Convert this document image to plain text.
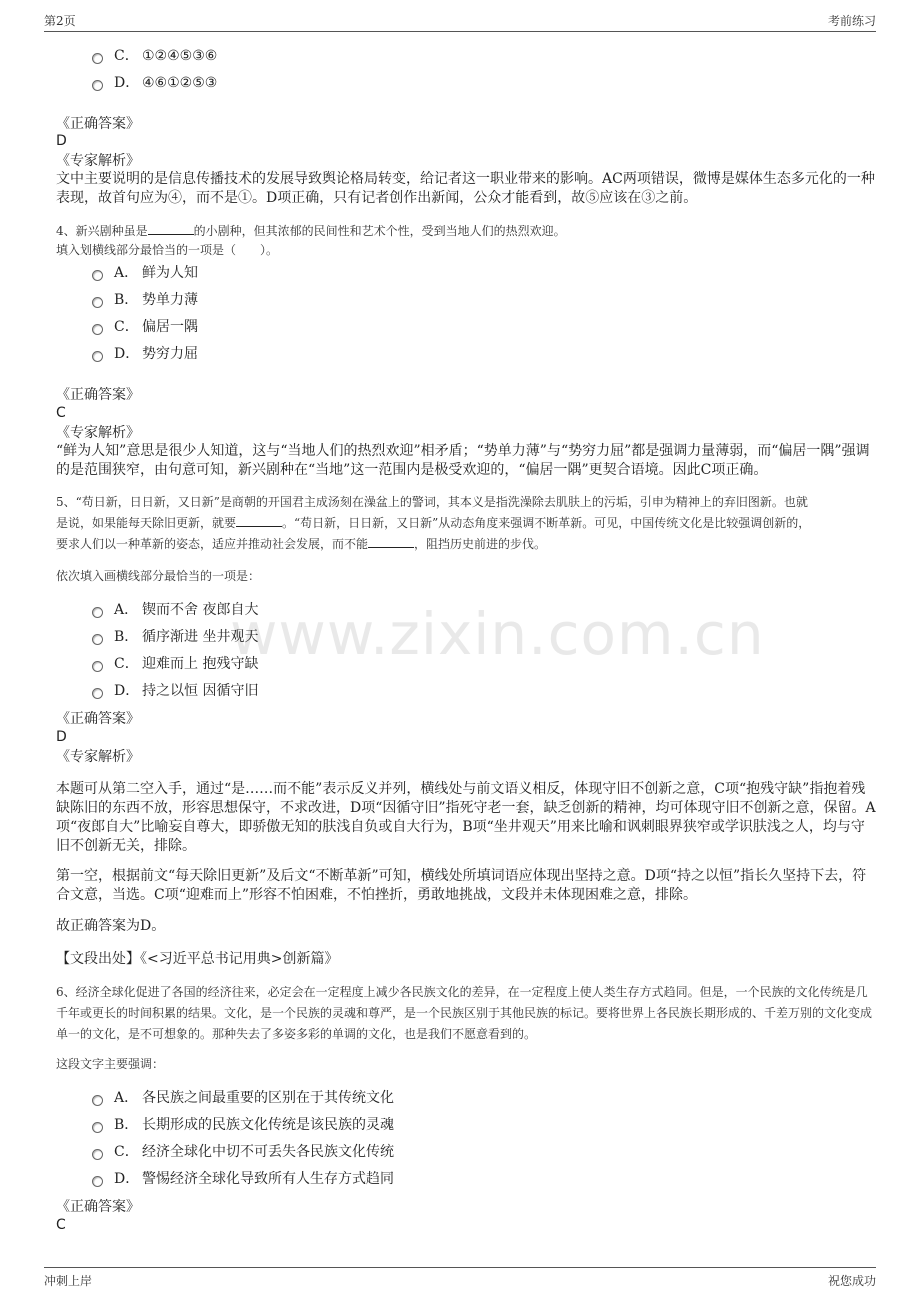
第2页	考前练习
www.zixin.com.cn
C． ①②④⑤③⑥
D． ④⑥①②⑤③
《正确答案》
D
《专家解析》
文中主要说明的是信息传播技术的发展导致舆论格局转变，给记者这一职业带来的影响。AC两项错误，微博是媒体生态多元化的一种表现，故首句应为④，而不是①。D项正确，只有记者创作出新闻，公众才能看到，故⑤应该在③之前。
4、新兴剧种虽是	的小剧种，但其浓郁的民间性和艺术个性，受到当地人们的热烈欢迎。
填入划横线部分最恰当的一项是（　　）。
A． 鲜为人知
B． 势单力薄
C． 偏居一隅
D． 势穷力屈
《正确答案》
C
《专家解析》
“鲜为人知”意思是很少人知道，这与“当地人们的热烈欢迎”相矛盾；“势单力薄”与“势穷力屈”都是强调力量薄弱，而“偏居一隅”强调的是范围狭窄，由句意可知，新兴剧种在“当地”这一范围内是极受欢迎的，“偏居一隅”更契合语境。因此C项正确。
5、“苟日新，日日新，又日新”是商朝的开国君主成汤刻在澡盆上的警词，其本义是指洗澡除去肌肤上的污垢，引申为精神上的弃旧图新。也就
是说，如果能每天除旧更新，就要	。“苟日新，日日新，又日新”从动态角度来强调不断革新。可见，中国传统文化是比较强调创新的，
要求人们以一种革新的姿态，适应并推动社会发展，而不能	，阻挡历史前进的步伐。
依次填入画横线部分最恰当的一项是：
A． 锲而不舍 夜郎自大
B． 循序渐进 坐井观天
C． 迎难而上 抱残守缺
D． 持之以恒 因循守旧
《正确答案》
D
《专家解析》
本题可从第二空入手，通过“是……而不能”表示反义并列，横线处与前文语义相反，体现守旧不创新之意，C项“抱残守缺”指抱着残缺陈旧的东西不放，形容思想保守，不求改进，D项“因循守旧”指死守老一套，缺乏创新的精神，均可体现守旧不创新之意，保留。A项“夜郎自大”比喻妄自尊大，即骄傲无知的肤浅自负或自大行为，B项“坐井观天”用来比喻和讽刺眼界狭窄或学识肤浅之人，均与守旧不创新无关，排除。
第一空，根据前文“每天除旧更新”及后文“不断革新”可知，横线处所填词语应体现出坚持之意。D项“持之以恒”指长久坚持下去，符合文意，当选。C项“迎难而上”形容不怕困难，不怕挫折，勇敢地挑战，文段并未体现困难之意，排除。
故正确答案为D。
【文段出处】《<习近平总书记用典>创新篇》
6、经济全球化促进了各国的经济往来，必定会在一定程度上减少各民族文化的差异，在一定程度上使人类生存方式趋同。但是，一个民族的文化传统是几千年或更长的时间积累的结果。文化，是一个民族的灵魂和尊严，是一个民族区别于其他民族的标记。要将世界上各民族长期形成的、千差万别的文化变成单一的文化，是不可想象的。那种失去了多姿多彩的单调的文化，也是我们不愿意看到的。
这段文字主要强调：
A． 各民族之间最重要的区别在于其传统文化
B． 长期形成的民族文化传统是该民族的灵魂
C． 经济全球化中切不可丢失各民族文化传统
D． 警惕经济全球化导致所有人生存方式趋同
《正确答案》
C
冲刺上岸	祝您成功
